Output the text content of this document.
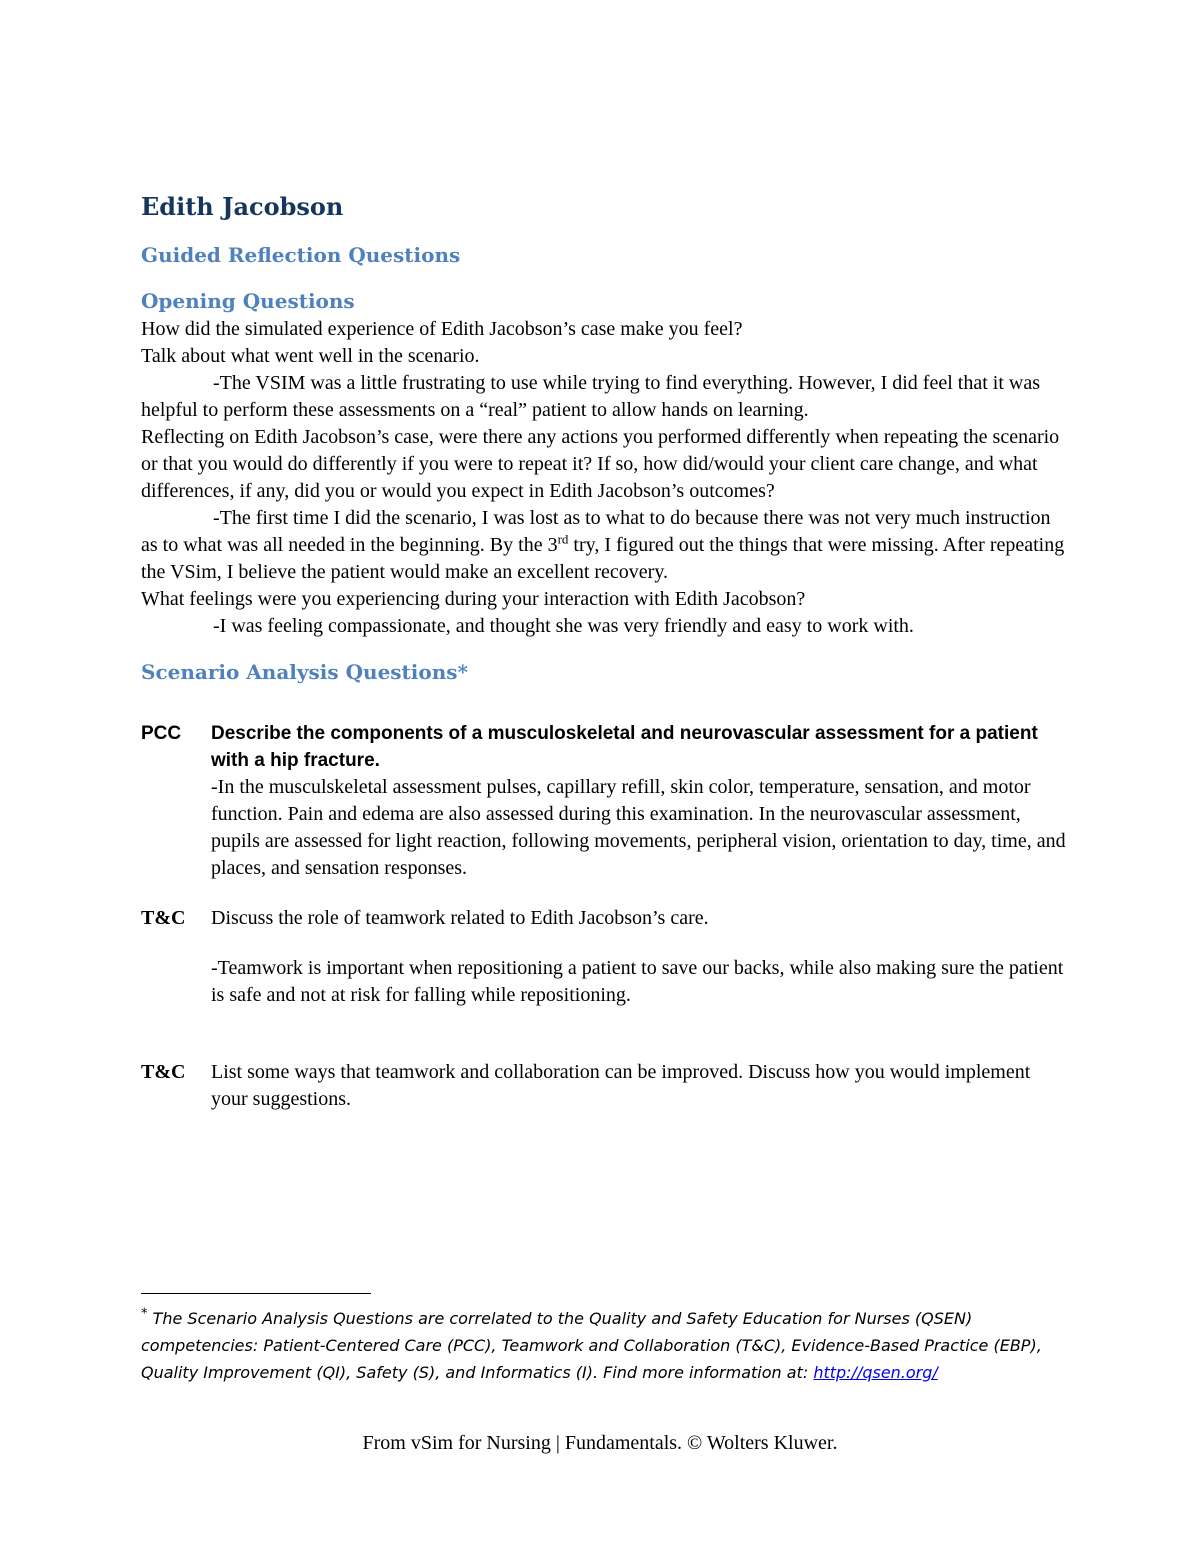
Edith Jacobson
Guided Reflection Questions
Opening Questions

How did the simulated experience of Edith Jacobson’s case make you feel?

Talk about what went well in the scenario.

-The VSIM was a little frustrating to use while trying to find everything. However, I did feel that it was helpful to perform these assessments on a “real” patient to allow hands on learning.

Reflecting on Edith Jacobson’s case, were there any actions you performed differently when repeating the scenario or that you would do differently if you were to repeat it? If so, how did/would your client care change, and what differences, if any, did you or would you expect in Edith Jacobson’s outcomes?

-The first time I did the scenario, I was lost as to what to do because there was not very much instruction as to what was all needed in the beginning. By the 3rd try, I figured out the things that were missing. After repeating the VSim, I believe the patient would make an excellent recovery.

What feelings were you experiencing during your interaction with Edith Jacobson?

-I was feeling compassionate, and thought she was very friendly and easy to work with.

Scenario Analysis Questions*
PCC	Describe the components of a musculoskeletal and neurovascular assessment for a patient with a hip fracture.
-In the musculskeletal assessment pulses, capillary refill, skin color, temperature, sensation, and motor function. Pain and edema are also assessed during this examination. In the neurovascular assessment, pupils are assessed for light reaction, following movements, peripheral vision, orientation to day, time, and places, and sensation responses.
T&C	Discuss the role of teamwork related to Edith Jacobson’s care.
-Teamwork is important when repositioning a patient to save our backs, while also making sure the patient is safe and not at risk for falling while repositioning.
T&C	List some ways that teamwork and collaboration can be improved. Discuss how you would implement your suggestions.
* The Scenario Analysis Questions are correlated to the Quality and Safety Education for Nurses (QSEN) competencies: Patient-Centered Care (PCC), Teamwork and Collaboration (T&C), Evidence-Based Practice (EBP), Quality Improvement (QI), Safety (S), and Informatics (I). Find more information at: http://qsen.org/
From vSim for Nursing | Fundamentals. © Wolters Kluwer.
